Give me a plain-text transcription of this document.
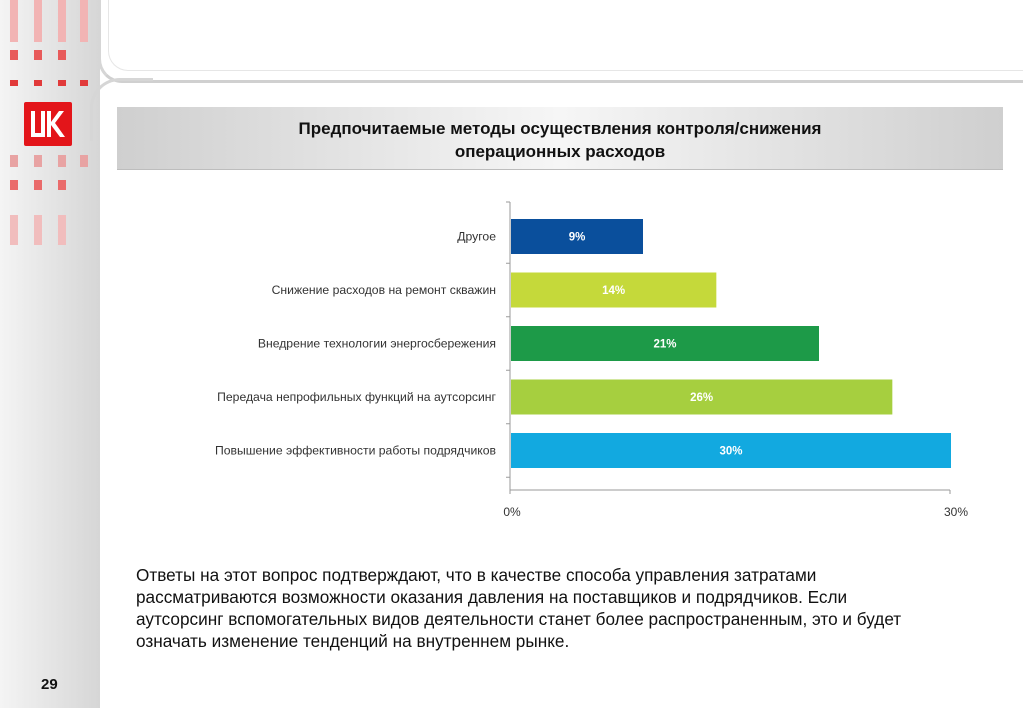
29
Предпочитаемые методы осуществления контроля/снижения
операционных расходов
Другое	9%
Снижение расходов на ремонт скважин	14%
Внедрение технологии энергосбережения	21%
Передача непрофильных функций на аутсорсинг	26%
Повышение эффективности работы подрядчиков	30%
0%	30%
Ответы на этот вопрос подтверждают, что в качестве способа управления затратами
рассматриваются возможности оказания давления на поставщиков и подрядчиков. Если
аутсорсинг вспомогательных видов деятельности станет более распространенным, это и будет
означать изменение тенденций на внутреннем рынке.
